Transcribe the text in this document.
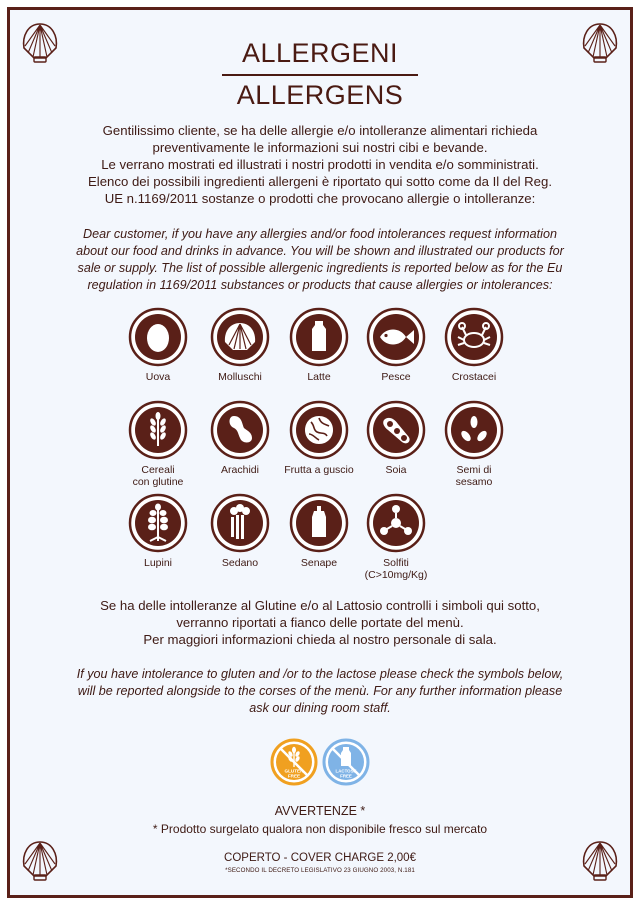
ALLERGENI
ALLERGENS
Gentilissimo cliente, se ha delle allergie e/o intolleranze alimentari richieda
preventivamente le informazioni sui nostri cibi e bevande.
Le verrano mostrati ed illustrati i nostri prodotti in vendita e/o somministrati.
Elenco dei possibili ingredienti allergeni è riportato qui sotto come da Il del Reg.
UE n.1169/2011 sostanze o prodotti che provocano allergie o intolleranze:
Dear customer, if you have any allergies and/or food intolerances request information
about our food and drinks in advance. You will be shown and illustrated our products for
sale or supply. The list of possible allergenic ingredients is reported below as for the Eu
regulation in 1169/2011 substances or products that cause allergies or intolerances:
Uova	Molluschi	Latte	Pesce	Crostacei
Cereali
con glutine
Arachidi	Frutta a guscio	Soia	Semi di
sesamo
Lupini	Sedano	Senape	Solfiti
(C>10mg/Kg)
Se ha delle intolleranze al Glutine e/o al Lattosio controlli i simboli qui sotto,
verranno riportati a fianco delle portate del menù.
Per maggiori informazioni chieda al nostro personale di sala.
If you have intolerance to gluten and /or to the lactose please check the symbols below,
will be reported alongside to the corses of the menù. For any further information please
ask our dining room staff.
GLUTEN
FREE
LACTOSE
FREE
AVVERTENZE *
* Prodotto surgelato qualora non disponibile fresco sul mercato
COPERTO - COVER CHARGE 2,00€
*SECONDO IL DECRETO LEGISLATIVO 23 GIUGNO 2003, N.181
